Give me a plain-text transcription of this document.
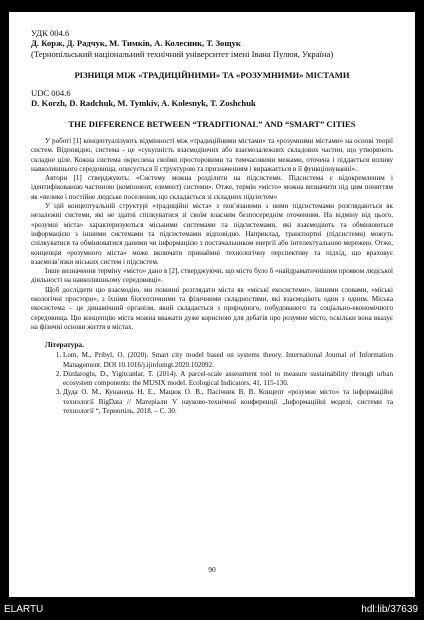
УДК 004.6
Д. Корж, Д. Радчук, М. Тимків, А. Колесник, Т. Зощук
(Тернопільський національний технічний університет імені Івана Пулюя, Україна)
РІЗНИЦЯ МІЖ «ТРАДИЦІЙНИМИ» ТА «РОЗУМНИМИ» МІСТАМИ
UDC 004.6
D. Korzh, D. Radchuk, M. Tymkiv, A. Kolesnyk, T. Zoshchuk
THE DIFFERENCE BETWEEN “TRADITIONAL” AND “SMART” CITIES

У роботі [1] концептуалізують відмінності між «традиційними містами» та «розумними містами» на основі теорії систем. Відповідно, система - це «сукупність взаємодіючих або взаємозалежних складових частин, що утворюють складне ціле. Кожна система окреслена своїми просторовими та тимчасовими межами, оточена і піддається впливу навколишнього середовища, описується її структурою та призначенням і виражається в її функціонуванні».

Автори [1] стверджують: «Систему можна розділити на підсистеми. Підсистема є відокремленим і ідентифікованою частиною (компонент, елемент) системи». Отже, термін «місто» можна визначити під цим поняттям як «велике і постійне людське поселення, що складається зі складних підсистем»

У цій концептуальній структурі «традиційні міста» з пов’язаними з ними підсистемами розглядаються як незалежні системи, які не здатні спілкуватися зі своїм власним безпосереднім оточенням. На відміну від цього, «розумні міста» характеризуються міськими системами та підсистемами, які взаємодіють та обмінюються інформацією з іншими системами та підсистемами відповідно. Наприклад, транспортні (підсистеми) можуть спілкуватися та обмінюватися даними чи інформацією з постачальником енергії або інтелектуальною мережею. Отже, концепція «розумного міста» може включати принаймні технологічну перспективу та підхід, що враховує взаємозв’язки міських систем і підсистем.

Інше визначення терміну «місто» дано в [2], стверджуючи, що місто було б «найдраматичнішим проявом людської діяльності на навколишньому середовищі».

Щоб дослідити цю взаємодію, ми повинні розглядати міста як «міські екосистеми», іншими словами, «міські екологічні простори», з їхніми біогеотичними та фізичними складностями, які взаємодіють один з одним. Міська екосистема – це динамічний організм, який складається з природного, побудованого та соціально-економічного середовища. Цю концепцію міста можна вважати дуже корисною для дебатів про розумне місто, оскільки вона вказує на фізичні основи життя в містах.

Література.
1. Lom, M., Pribyl, O. (2020). Smart city model based on systems theory. International Journal of Information Management. DOI 10.1016/j.ijinfomgt.2020.102092.
2. Dizdaroglu, D., Yigitcanlar, T. (2014). A parcel-scale assessment tool to measure sustainability through urban ecosystem components: the MUSIX model. Ecological Indicators, 41, 115-130.
3. Дуда О. М., Кунанець Н. Е., Мацюк О. В., Пасічник В. В. Концепт «розумне місто» та інформаційні технології BigData // Матеріали V науково-технічної конференції „Інформаційні моделі, системи та технології “, Тернопіль, 2018. – С. 30.
90
ELARTU	hdl:lib/37639
